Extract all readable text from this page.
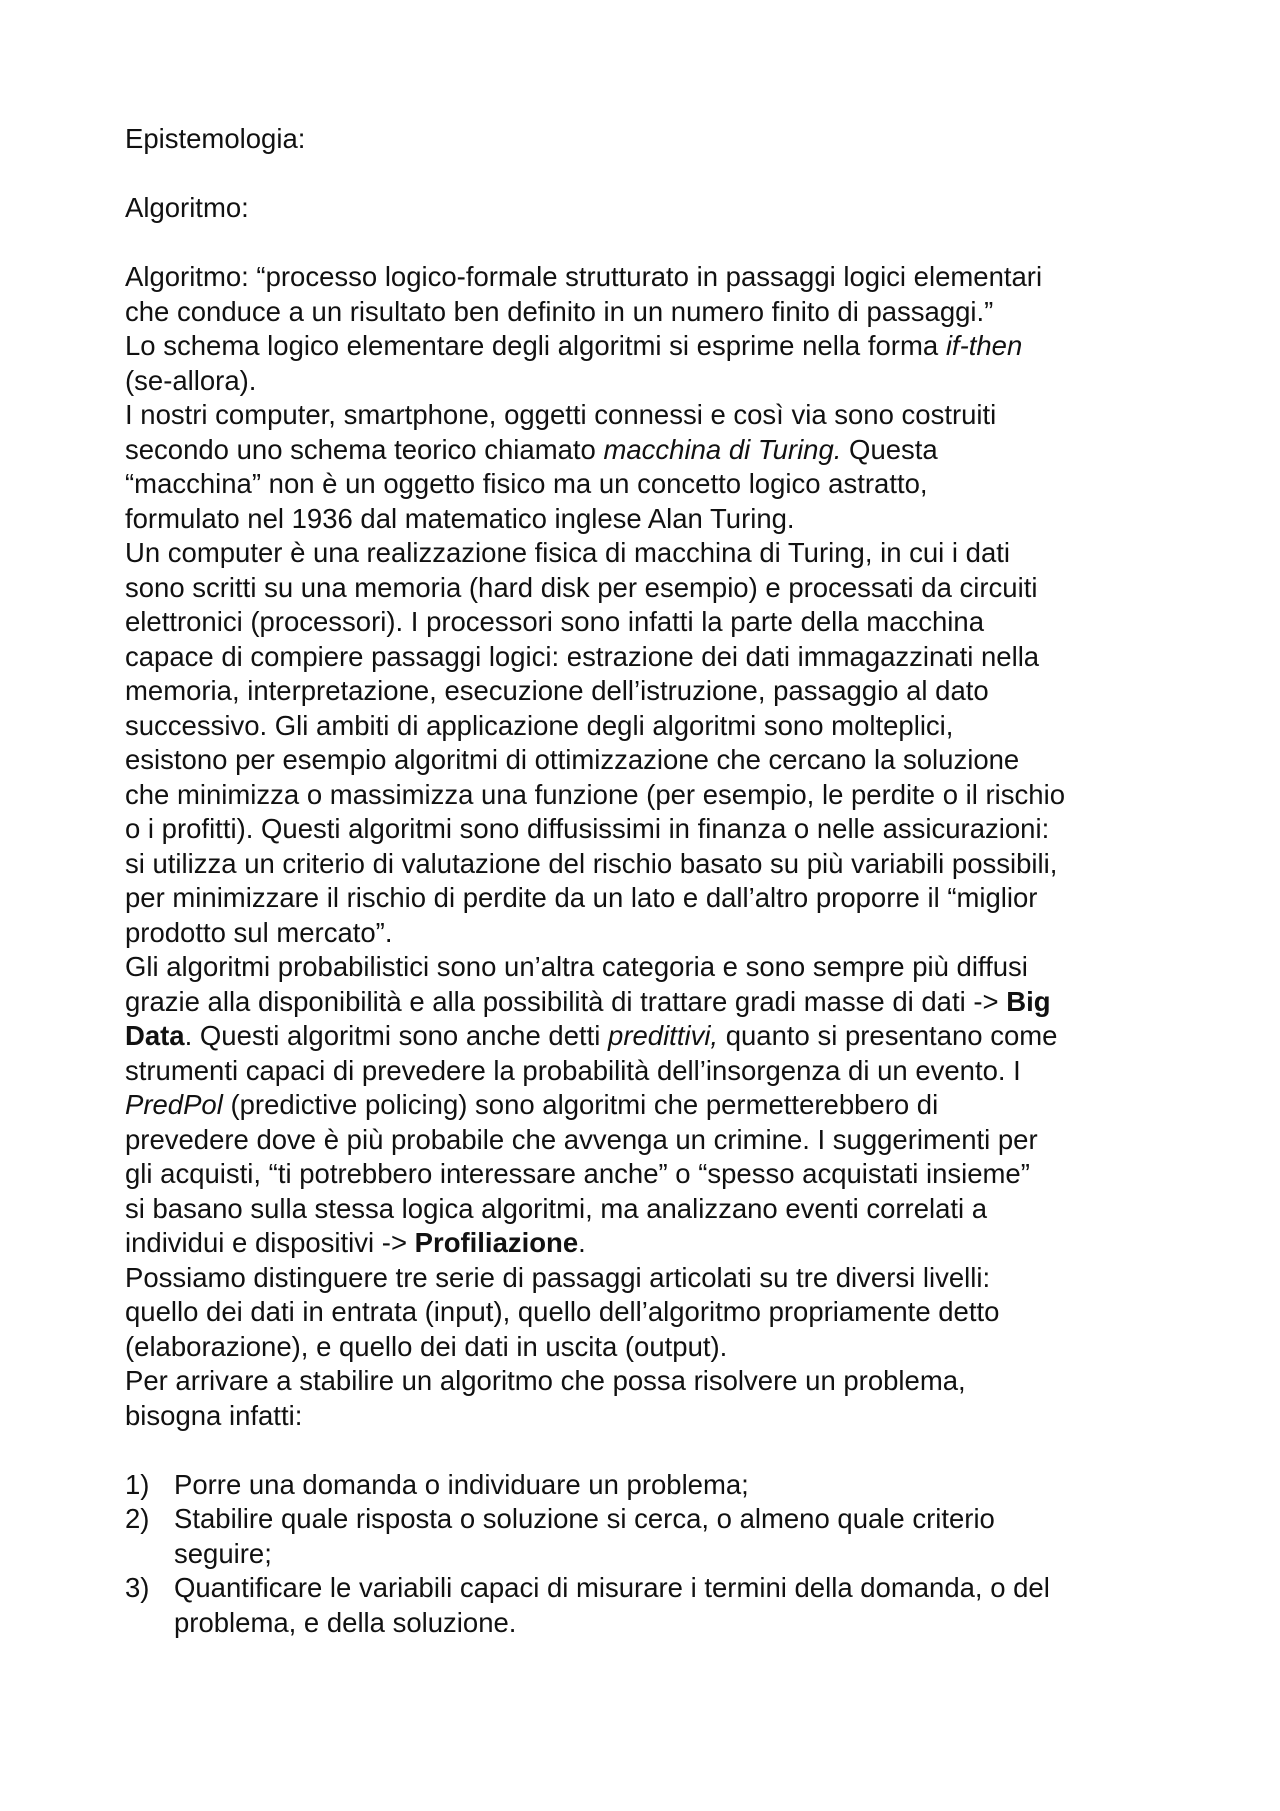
Epistemologia:
Algoritmo:
Algoritmo: “processo logico-formale strutturato in passaggi logici elementari
che conduce a un risultato ben definito in un numero finito di passaggi.”
Lo schema logico elementare degli algoritmi si esprime nella forma if-then
(se-allora).
I nostri computer, smartphone, oggetti connessi e così via sono costruiti
secondo uno schema teorico chiamato macchina di Turing. Questa
“macchina” non è un oggetto fisico ma un concetto logico astratto,
formulato nel 1936 dal matematico inglese Alan Turing.
Un computer è una realizzazione fisica di macchina di Turing, in cui i dati
sono scritti su una memoria (hard disk per esempio) e processati da circuiti
elettronici (processori). I processori sono infatti la parte della macchina
capace di compiere passaggi logici: estrazione dei dati immagazzinati nella
memoria, interpretazione, esecuzione dell’istruzione, passaggio al dato
successivo. Gli ambiti di applicazione degli algoritmi sono molteplici,
esistono per esempio algoritmi di ottimizzazione che cercano la soluzione
che minimizza o massimizza una funzione (per esempio, le perdite o il rischio
o i profitti). Questi algoritmi sono diffusissimi in finanza o nelle assicurazioni:
si utilizza un criterio di valutazione del rischio basato su più variabili possibili,
per minimizzare il rischio di perdite da un lato e dall’altro proporre il “miglior
prodotto sul mercato”.
Gli algoritmi probabilistici sono un’altra categoria e sono sempre più diffusi
grazie alla disponibilità e alla possibilità di trattare gradi masse di dati -> Big
Data. Questi algoritmi sono anche detti predittivi, quanto si presentano come
strumenti capaci di prevedere la probabilità dell’insorgenza di un evento. I
PredPol (predictive policing) sono algoritmi che permetterebbero di
prevedere dove è più probabile che avvenga un crimine. I suggerimenti per
gli acquisti, “ti potrebbero interessare anche” o “spesso acquistati insieme”
si basano sulla stessa logica algoritmi, ma analizzano eventi correlati a
individui e dispositivi -> Profiliazione.
Possiamo distinguere tre serie di passaggi articolati su tre diversi livelli:
quello dei dati in entrata (input), quello dell’algoritmo propriamente detto
(elaborazione), e quello dei dati in uscita (output).
Per arrivare a stabilire un algoritmo che possa risolvere un problema,
bisogna infatti:
1) Porre una domanda o individuare un problema;
2) Stabilire quale risposta o soluzione si cerca, o almeno quale criterio
seguire;
3) Quantificare le variabili capaci di misurare i termini della domanda, o del
problema, e della soluzione.
